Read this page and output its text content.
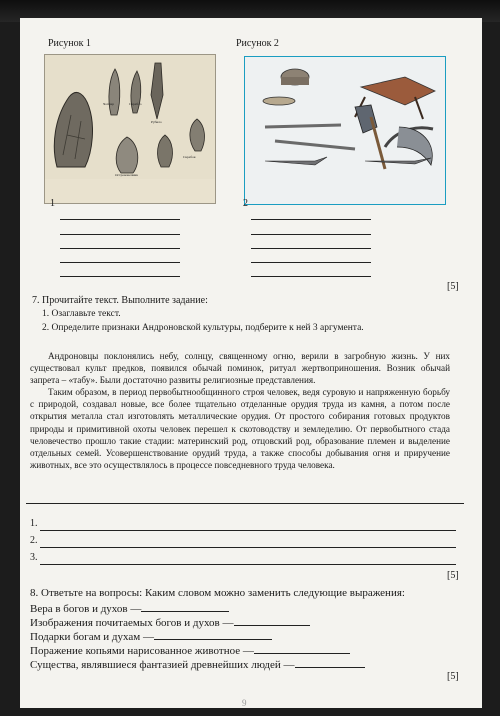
Рисунок 1	Рисунок 2
Чоппер	Скребло
Рубило
Остроконечник
Скребок
1	2
[5]
7. Прочитайте текст. Выполните задание:
1. Озаглавьте текст.
2. Определите признаки Андроновской культуры, подберите к ней 3 аргумента.

Андроновцы поклонялись небу, солнцу, священному огню, верили в загробную жизнь. У них существовал культ предков, появился обычай поминок, ритуал жертвоприношения. Возник обычай запрета – «табу». Были достаточно развиты религиозные представления.

Таким образом, в период первобытнообщинного строя человек, ведя суровую и напряженную борьбу с природой, создавал новые, все более тщательно отделанные орудия труда из камня, а потом после открытия металла стал изготовлять металлические орудия. От простого собирания готовых продуктов природы и примитивной охоты человек перешел к скотоводству и земледелию. От первобытного стада человечество прошло такие стадии: материнский род, отцовский род, образование племен и выделение отдельных семей. Усовершенствование орудий труда, а также способы добывания огня и приручение животных, все это осуществлялось в процессе повседневного труда человека.

1.
2.
3.
[5]
8. Ответьте на вопросы: Каким словом можно заменить следующие выражения:
Вера в богов и духов —
Изображения почитаемых богов и духов —
Подарки богам и духам —
Поражение копьями нарисованное животное —
Существа, являвшиеся фантазией древнейших людей —
[5]
9
